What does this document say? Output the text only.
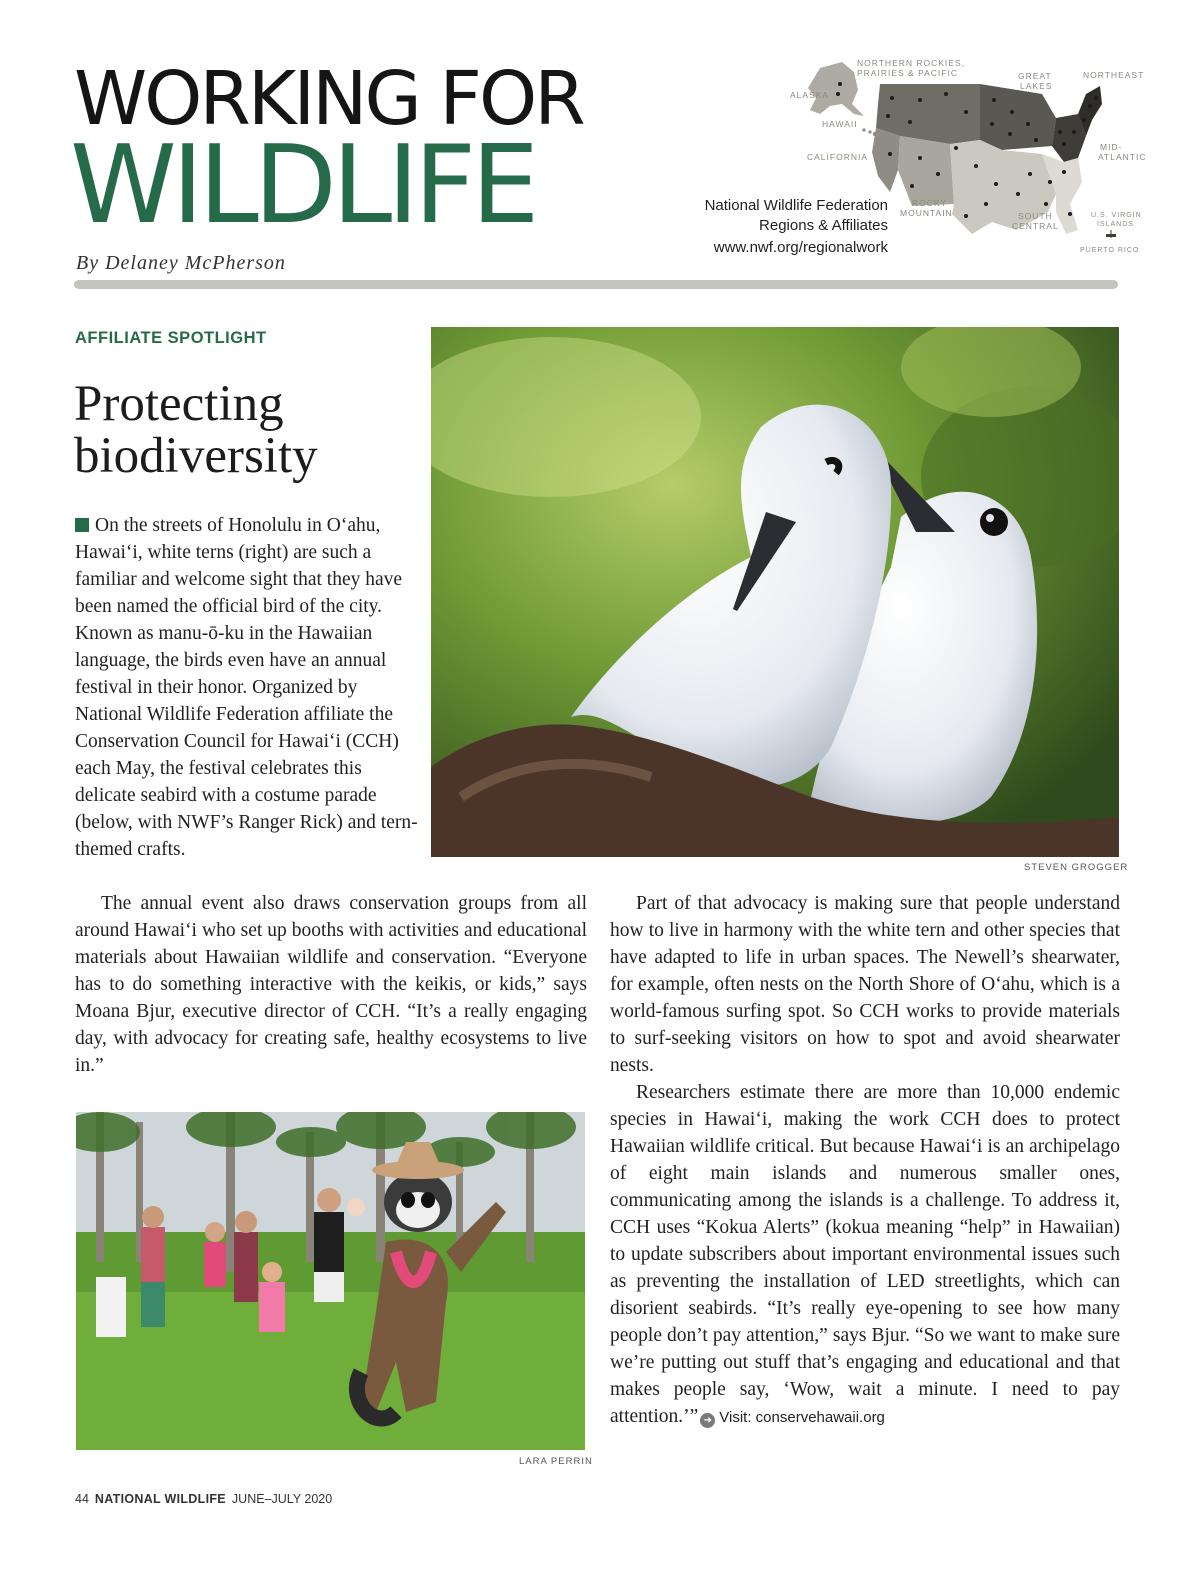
WORKING FOR
WILDLIFE
By Delaney McPherson
National Wildlife Federation
Regions & Affiliates
www.nwf.org/regionalwork
NORTHERN ROCKIES,
PRAIRIES & PACIFIC	GREAT
LAKES
NORTHEAST
ALASKA
HAWAII
CALIFORNIA
MID-
ATLANTIC
ROCKY
MOUNTAIN	SOUTH
CENTRAL
U.S. VIRGIN
ISLANDS
PUERTO RICO
AFFILIATE SPOTLIGHT
Protecting
biodiversity
STEVEN GROGGER
On the streets of Honolulu in O‘ahu, Hawai‘i, white terns (right) are such a familiar and welcome sight that they have been named the official bird of the city. Known as manu-ō-ku in the Hawaiian language, the birds even have an annual festival in their honor. Organized by National Wildlife Federation affiliate the Conservation Council for Hawai‘i (CCH) each May, the festival celebrates this delicate seabird with a costume parade (below, with NWF’s Ranger Rick) and tern-themed crafts.
The annual event also draws conservation groups from all around Hawai‘i who set up booths with activities and educational materials about Hawaiian wildlife and conservation. “Everyone has to do something interactive with the keikis, or kids,” says Moana Bjur, executive director of CCH. “It’s a really engaging day, with advocacy for creating safe, healthy ecosystems to live in.”
LARA PERRIN

Part of that advocacy is making sure that people understand how to live in harmony with the white tern and other species that have adapted to life in urban spaces. The Newell’s shearwater, for example, often nests on the North Shore of O‘ahu, which is a world-famous surfing spot. So CCH works to provide materials to surf-seeking visitors on how to spot and avoid shearwater nests.

Researchers estimate there are more than 10,000 endemic species in Hawai‘i, making the work CCH does to protect Hawaiian wildlife critical. But because Hawai‘i is an archipelago of eight main islands and numerous smaller ones, communicating among the islands is a challenge. To address it, CCH uses “Kokua Alerts” (kokua meaning “help” in Hawaiian) to update subscribers about important environmental issues such as preventing the installation of LED streetlights, which can disorient seabirds. “It’s really eye-opening to see how many people don’t pay attention,” says Bjur. “So we want to make sure we’re putting out stuff that’s engaging and educational and that makes people say, ‘Wow, wait a minute. I need to pay attention.’” ➜ Visit: conservehawaii.org

44 NATIONAL WILDLIFE JUNE–JULY 2020
